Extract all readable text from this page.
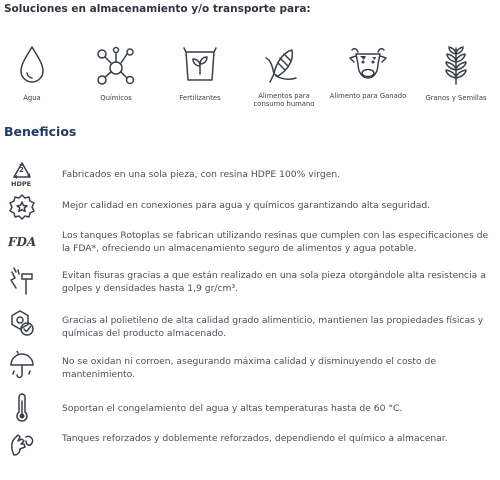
Soluciones en almacenamiento y/o transporte para:
Agua	Químicos	Fertilizantes	Alimentos para consumo humano
Alimento para Ganado	Granos y Semillas
Beneficios
2
HDPE
Fabricados en una sola pieza, con resina HDPE 100% virgen.
Mejor calidad en conexiones para agua y químicos garantizando alta seguridad.
FDA	Los tanques Rotoplas se fabrican utilizando resinas que cumplen con las especificaciones de la FDA*, ofreciendo un almacenamiento seguro de alimentos y agua potable.
Evitan fisuras gracias a que están realizado en una sola pieza otorgándole alta resistencia a golpes y densidades hasta 1,9 gr/cm³.
Gracias al polietileno de alta calidad grado alimenticio, mantienen las propiedades físicas y químicas del producto almacenado.
No se oxidan ni corroen, asegurando máxima calidad y disminuyendo el costo de mantenimiento.
Soportan el congelamiento del agua y altas temperaturas hasta de 60 °C.
Tanques reforzados y doblemente reforzados, dependiendo el químico a almacenar.
